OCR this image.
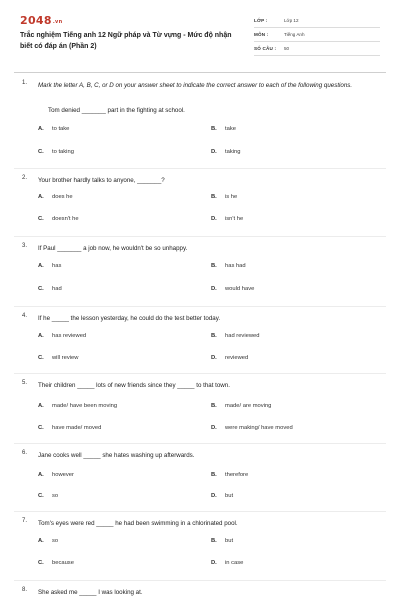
2048.vn
Trắc nghiệm Tiếng anh 12 Ngữ pháp và Từ vựng - Mức độ nhận biết có đáp án (Phần 2)
LỚP :	Lớp 12
MÔN :	Tiếng Anh
SỐ CÂU : 50
1. Mark the letter A, B, C, or D on your answer sheet to indicate the correct answer to each of the following questions.
Tom denied _______ part in the fighting at school.
A. to take	B. take
C. to taking	D. taking
2. Your brother hardly talks to anyone, _______?
A. does he	B. is he
C. doesn't he	D. isn't he
3. If Paul _______ a job now, he wouldn't be so unhappy.
A. has	B. has had
C. had	D. would have
4. If he _____ the lesson yesterday, he could do the test better today.
A. has reviewed	B. had reviewed
C. will review	D. reviewed
5. Their children _____ lots of new friends since they _____ to that town.
A. made/ have been moving	B. made/ are moving
C. have made/ moved	D. were making/ have moved
6. Jane cooks well _____ she hates washing up afterwards.
A. however	B. therefore
C. so	D. but
7. Tom's eyes were red _____ he had been swimming in a chlorinated pool.
A. so	B. but
C. because	D. in case
8. She asked me _____ I was looking at.
